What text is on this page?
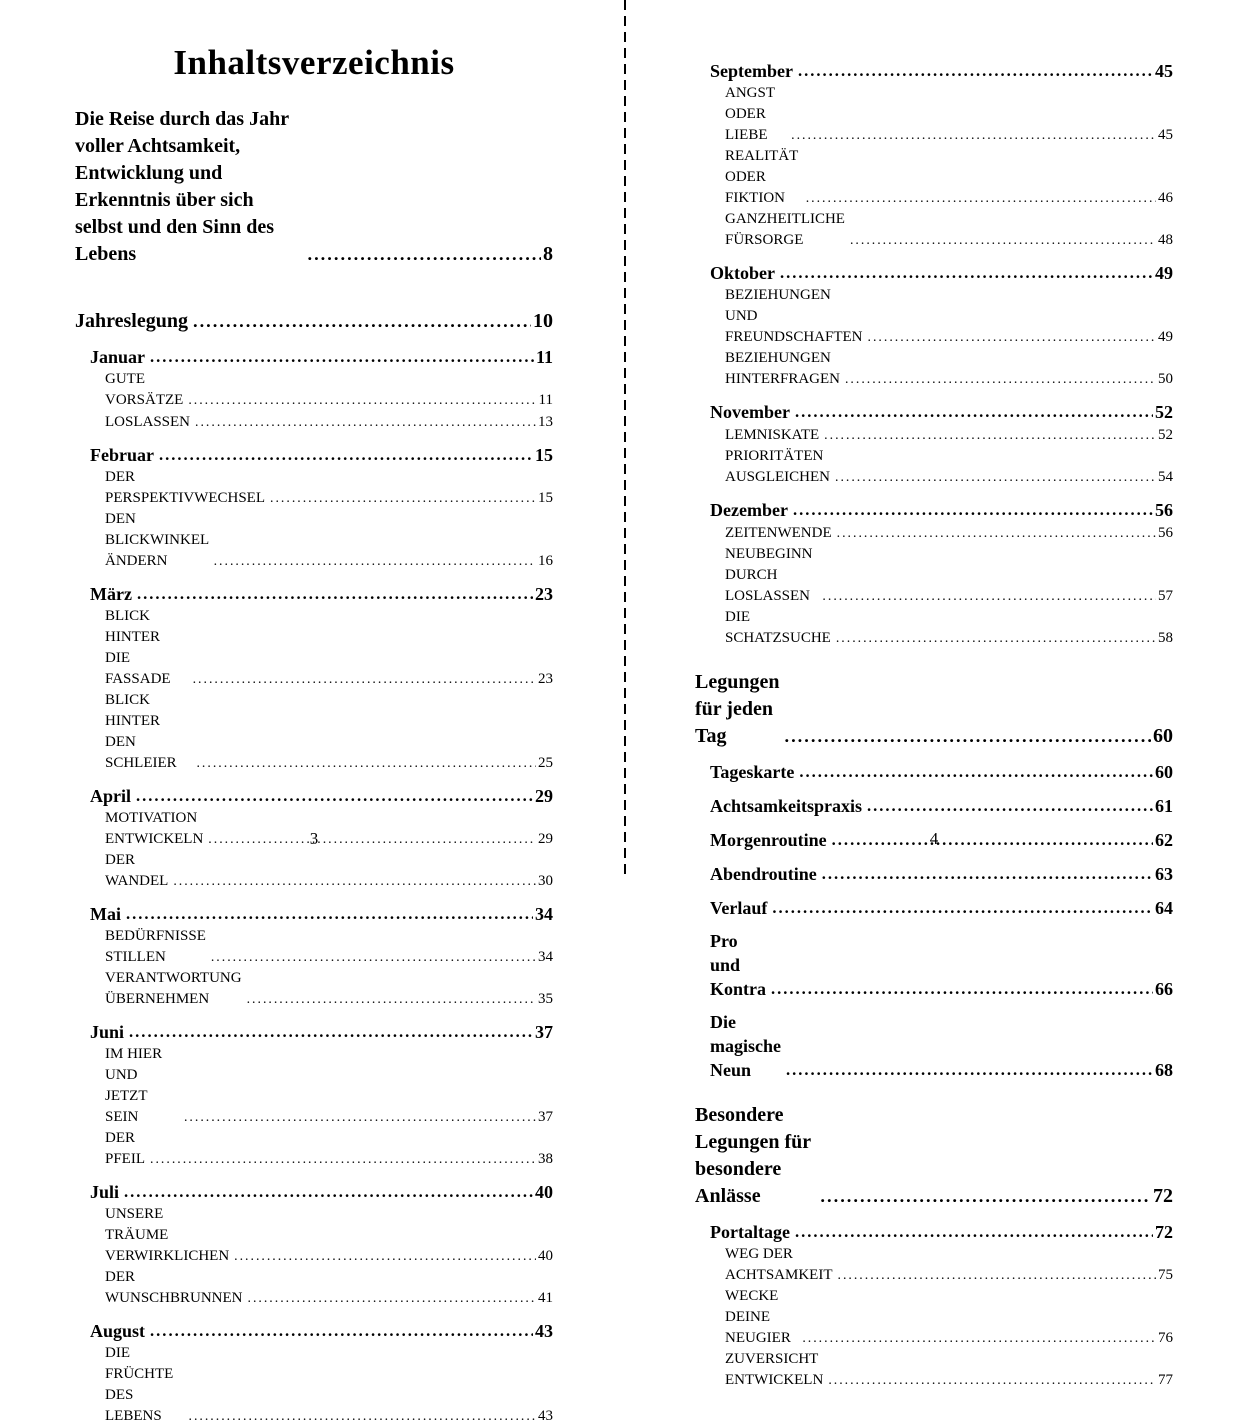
Inhaltsverzeichnis
Die Reise durch das Jahr voller Achtsamkeit, Entwicklung und Erkenntnis über sich selbst und den Sinn des Lebens .....	8
Jahreslegung .....	10
Januar .....	11
GUTE VORSÄTZE .....	11
LOSLASSEN .....	13
Februar .....	15
DER PERSPEKTIVWECHSEL .....	15
DEN BLICKWINKEL ÄNDERN .....	16
März .....	23
BLICK HINTER DIE FASSADE .....	23
BLICK HINTER DEN SCHLEIER .....	25
April .....	29
MOTIVATION ENTWICKELN .....	29
DER WANDEL .....	30
Mai .....	34
BEDÜRFNISSE STILLEN .....	34
VERANTWORTUNG ÜBERNEHMEN .....	35
Juni .....	37
IM HIER UND JETZT SEIN .....	37
DER PFEIL .....	38
Juli .....	40
UNSERE TRÄUME VERWIRKLICHEN .....	40
DER WUNSCHBRUNNEN .....	41
August .....	43
DIE FRÜCHTE DES LEBENS .....	43
3
September .....	45
ANGST ODER LIEBE .....	45
REALITÄT ODER FIKTION .....	46
GANZHEITLICHE FÜRSORGE .....	48
Oktober .....	49
BEZIEHUNGEN UND FREUNDSCHAFTEN .....	49
BEZIEHUNGEN HINTERFRAGEN .....	50
November .....	52
LEMNISKATE .....	52
PRIORITÄTEN AUSGLEICHEN .....	54
Dezember .....	56
ZEITENWENDE .....	56
NEUBEGINN DURCH LOSLASSEN .....	57
DIE SCHATZSUCHE .....	58
Legungen für jeden Tag .....	60
Tageskarte .....	60
Achtsamkeitspraxis .....	61
Morgenroutine .....	62
Abendroutine .....	63
Verlauf .....	64
Pro und Kontra .....	66
Die magische Neun .....	68
Besondere Legungen für besondere Anlässe .....	72
Portaltage .....	72
WEG DER ACHTSAMKEIT .....	75
WECKE DEINE NEUGIER .....	76
ZUVERSICHT ENTWICKELN .....	77
4
